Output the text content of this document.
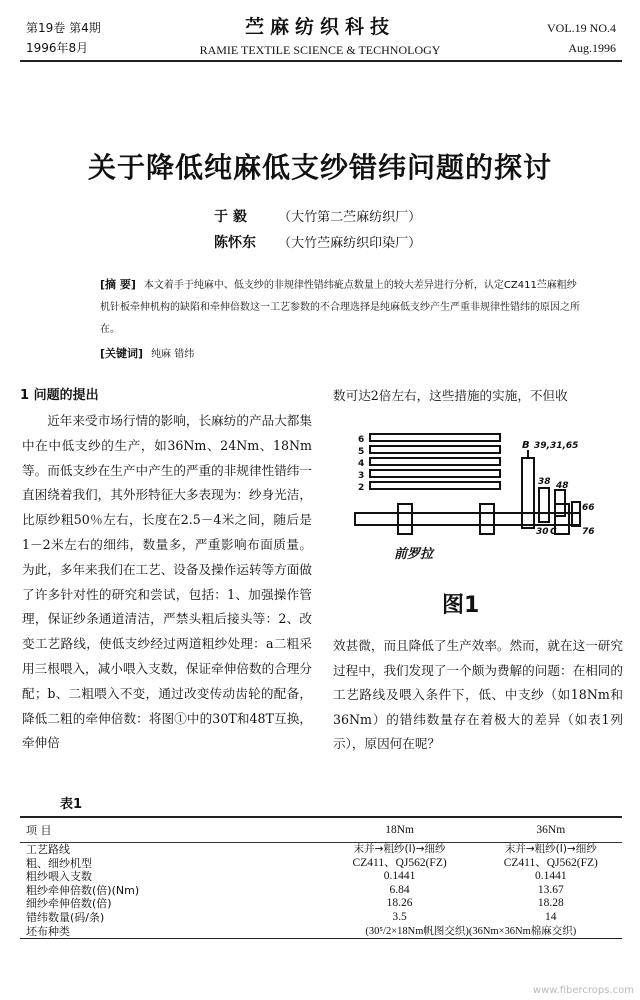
第19卷 第4期
1996年8月
苎麻纺织科技
RAMIE TEXTILE SCIENCE & TECHNOLOGY
VOL.19 NO.4
Aug.1996
关于降低纯麻低支纱错纬问题的探讨
于 毅 （大竹第二苎麻纺织厂）
陈怀东 （大竹苎麻纺织印染厂）
[摘 要] 本文着手于纯麻中、低支纱的非规律性错纬疵点数量上的较大差异进行分析，认定CZ411苎麻粗纱机针板牵伸机构的缺陷和牵伸倍数这一工艺参数的不合理选择是纯麻低支纱产生严重非规律性错纬的原因之所在。
[关键词] 纯麻 错纬
1 问题的提出

近年来受市场行情的影响，长麻纺的产品大都集中在中低支纱的生产，如36Nm、24Nm、18Nm等。而低支纱在生产中产生的严重的非规律性错纬一直困绕着我们，其外形特征大多表现为：纱身光洁，比原纱粗50％左右，长度在2.5－4米之间，随后是1－2米左右的细纬，数量多，严重影响布面质量。为此，多年来我们在工艺、设备及操作运转等方面做了许多针对性的研究和尝试，包括：1、加强操作管理，保证纱条通道清洁，严禁头粗后接头等：2、改变工艺路线，使低支纱经过两道粗纱处理：a二粗采用三根喂入，减小喂入支数，保证牵伸倍数的合理分配；b、二粗喂入不变，通过改变传动齿轮的配备，降低二粗的牵伸倍数：将图①中的30T和48T互换，牵伸倍

数可达2倍左右，这些措施的实施，不但收
6
5
4
3
2
B 39,31,65
38 48
30 C
66
76
前罗拉
图1
效甚微，而且降低了生产效率。然而，就在这一研究过程中，我们发现了一个颇为费解的问题：在相同的工艺路线及喂入条件下，低、中支纱（如18Nm和36Nm）的错纬数量存在着极大的差异（如表1列示），原因何在呢？
表1
项 目	18Nm	36Nm
工艺路线	末并→粗纱(Ⅰ)→细纱	末并→粗纱(Ⅰ)→细纱
粗、细纱机型	CZ411、QJ562(FZ)	CZ411、QJ562(FZ)
粗纱喂入支数	0.1441	0.1441
粗纱牵伸倍数(倍)(Nm)	6.84	13.67
细纱牵伸倍数(倍)	18.26	18.28
错纬数量(码/条)	3.5	14
坯布种类	(30⁵/2×18Nm帆图交织)(36Nm×36Nm棉麻交织)	
www.fibercrops.com
